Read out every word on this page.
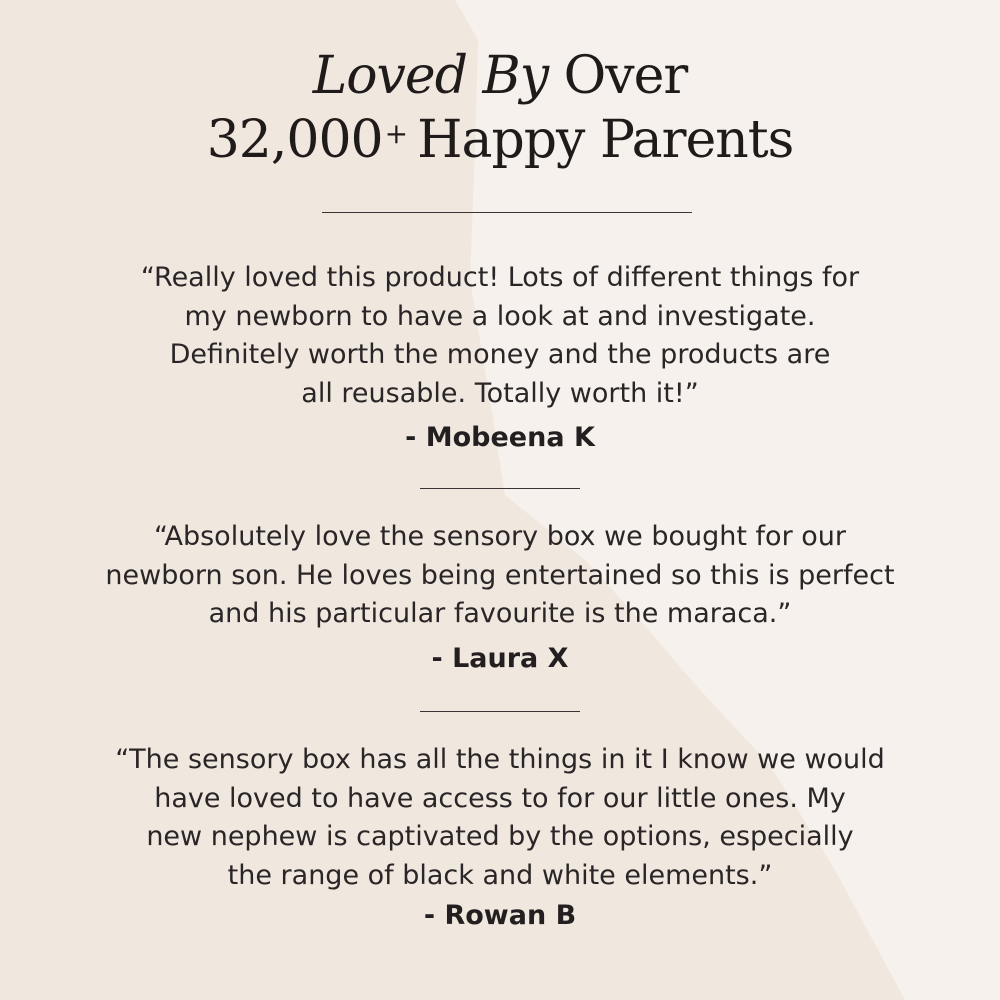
Loved By Over
32,000+ Happy Parents
“Really loved this product! Lots of different things for
my newborn to have a look at and investigate.
Definitely worth the money and the products are
all reusable. Totally worth it!”
- Mobeena K
“Absolutely love the sensory box we bought for our
newborn son. He loves being entertained so this is perfect
and his particular favourite is the maraca.”
- Laura X
“The sensory box has all the things in it I know we would
have loved to have access to for our little ones. My
new nephew is captivated by the options, especially
the range of black and white elements.”
- Rowan B
